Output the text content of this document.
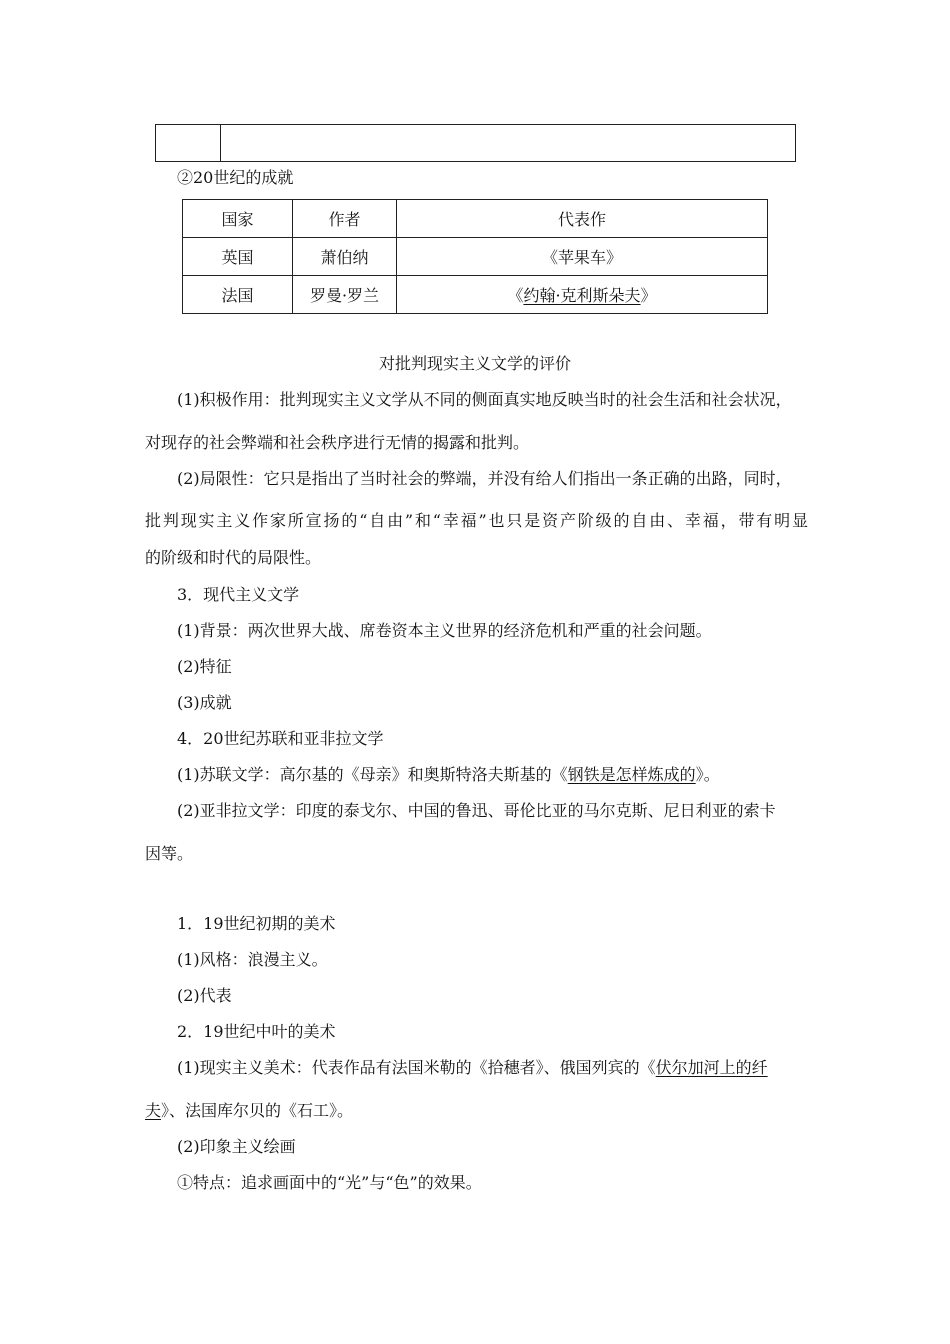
②20世纪的成就
国家	作者	代表作
英国	萧伯纳	《苹果车》
法国	罗曼·罗兰	《约翰·克利斯朵夫》
对批判现实主义文学的评价
(1)积极作用：批判现实主义文学从不同的侧面真实地反映当时的社会生活和社会状况，
对现存的社会弊端和社会秩序进行无情的揭露和批判。
(2)局限性：它只是指出了当时社会的弊端，并没有给人们指出一条正确的出路，同时，
批判现实主义作家所宣扬的“自由”和“幸福”也只是资产阶级的自由、幸福，带有明显
的阶级和时代的局限性。
3．现代主义文学
(1)背景：两次世界大战、席卷资本主义世界的经济危机和严重的社会问题。
(2)特征
(3)成就
4．20世纪苏联和亚非拉文学
(1)苏联文学：高尔基的《母亲》和奥斯特洛夫斯基的《钢铁是怎样炼成的》。
(2)亚非拉文学：印度的泰戈尔、中国的鲁迅、哥伦比亚的马尔克斯、尼日利亚的索卡
因等。
1．19世纪初期的美术
(1)风格：浪漫主义。
(2)代表
2．19世纪中叶的美术
(1)现实主义美术：代表作品有法国米勒的《拾穗者》、俄国列宾的《伏尔加河上的纤
夫》、法国库尔贝的《石工》。
(2)印象主义绘画
①特点：追求画面中的“光”与“色”的效果。
